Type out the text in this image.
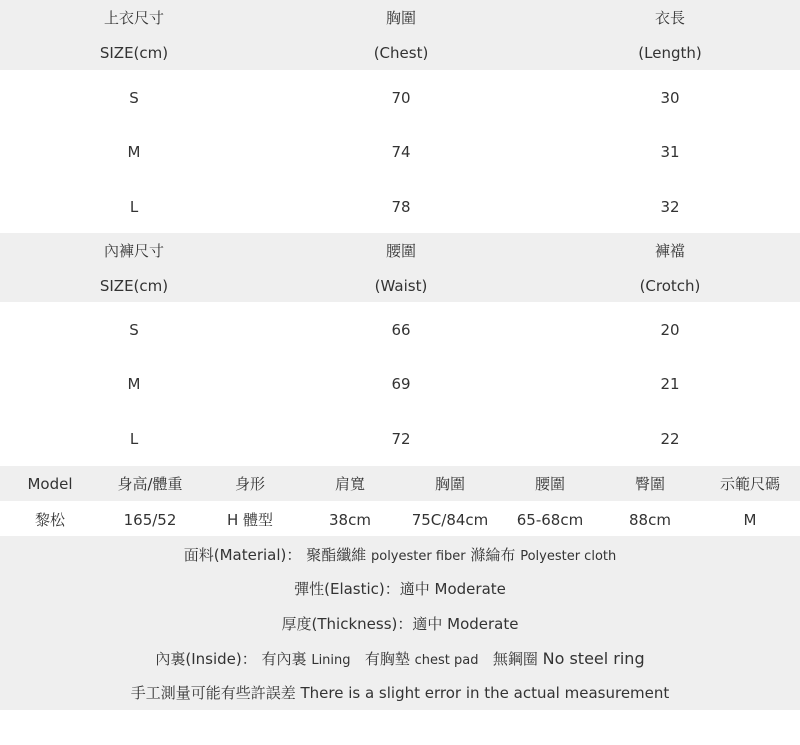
上衣尺寸	胸圍	衣長
SIZE(cm)	(Chest)	(Length)
S	70	30
M	74	31
L	78	32
內褲尺寸	腰圍	褲襠
SIZE(cm)	(Waist)	(Crotch)
S	66	20
M	69	21
L	72	22
Model	身高/體重	身形	肩寬	胸圍	腰圍	臀圍	示範尺碼
黎松	165/52	H 體型	38cm	75C/84cm	65-68cm	88cm	M
面料(Material)： 聚酯纖維 polyester fiber 滌綸布 Polyester cloth
彈性(Elastic)：適中 Moderate
厚度(Thickness)：適中 Moderate
內裏(Inside)： 有內裏 Lining 有胸墊 chest pad 無鋼圈 No steel ring
手工測量可能有些許誤差 There is a slight error in the actual measurement
